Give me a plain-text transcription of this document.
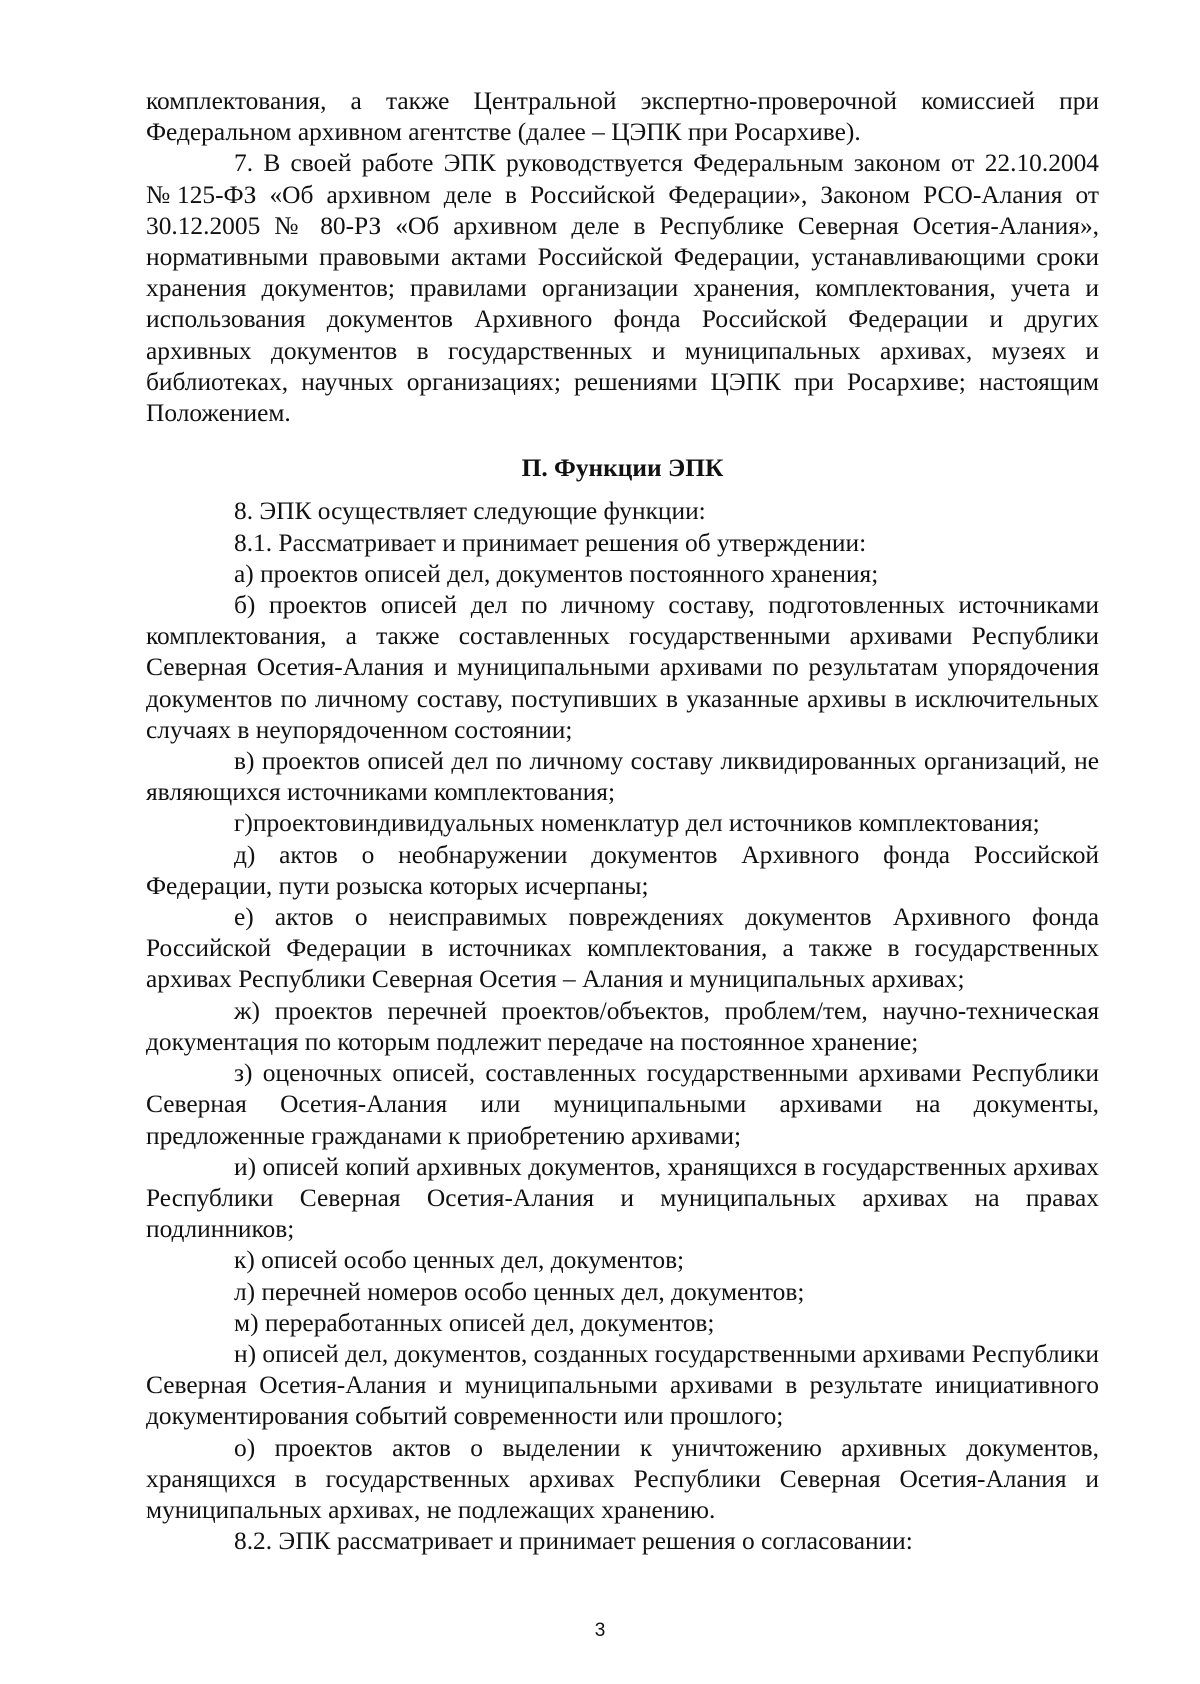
комплектования, а также Центральной экспертно-проверочной комиссией при Федеральном архивном агентстве (далее – ЦЭПК при Росархиве).

7. В своей работе ЭПК руководствуется Федеральным законом от 22.10.2004 №125-ФЗ «Об архивном деле в Российской Федерации», Законом РСО-Алания от 30.12.2005 № 80-РЗ «Об архивном деле в Республике Северная Осетия-Алания», нормативными правовыми актами Российской Федерации, устанавливающими сроки хранения документов; правилами организации хранения, комплектования, учета и использования документов Архивного фонда Российской Федерации и других архивных документов в государственных и муниципальных архивах, музеях и библиотеках, научных организациях; решениями ЦЭПК при Росархиве; настоящим Положением.

П. Функции ЭПК

8. ЭПК осуществляет следующие функции:

8.1. Рассматривает и принимает решения об утверждении:

а) проектов описей дел, документов постоянного хранения;

б) проектов описей дел по личному составу, подготовленных источниками комплектования, а также составленных государственными архивами Республики Северная Осетия-Алания и муниципальными архивами по результатам упорядочения документов по личному составу, поступивших в указанные архивы в исключительных случаях в неупорядоченном состоянии;

в) проектов описей дел по личному составу ликвидированных организаций, не являющихся источниками комплектования;

г)проектовиндивидуальных номенклатур дел источников комплектования;

д) актов о необнаружении документов Архивного фонда Российской Федерации, пути розыска которых исчерпаны;

е) актов о неисправимых повреждениях документов Архивного фонда Российской Федерации в источниках комплектования, а также в государственных архивах Республики Северная Осетия – Алания и муниципальных архивах;

ж) проектов перечней проектов/объектов, проблем/тем, научно-техническая документация по которым подлежит передаче на постоянное хранение;

з) оценочных описей, составленных государственными архивами Республики Северная Осетия-Алания или муниципальными архивами на документы, предложенные гражданами к приобретению архивами;

и) описей копий архивных документов, хранящихся в государственных архивах Республики Северная Осетия-Алания и муниципальных архивах на правах подлинников;

к) описей особо ценных дел, документов;

л) перечней номеров особо ценных дел, документов;

м) переработанных описей дел, документов;

н) описей дел, документов, созданных государственными архивами Республики Северная Осетия-Алания и муниципальными архивами в результате инициативного документирования событий современности или прошлого;

о) проектов актов о выделении к уничтожению архивных документов, хранящихся в государственных архивах Республики Северная Осетия-Алания и муниципальных архивах, не подлежащих хранению.

8.2. ЭПК рассматривает и принимает решения о согласовании:

3
